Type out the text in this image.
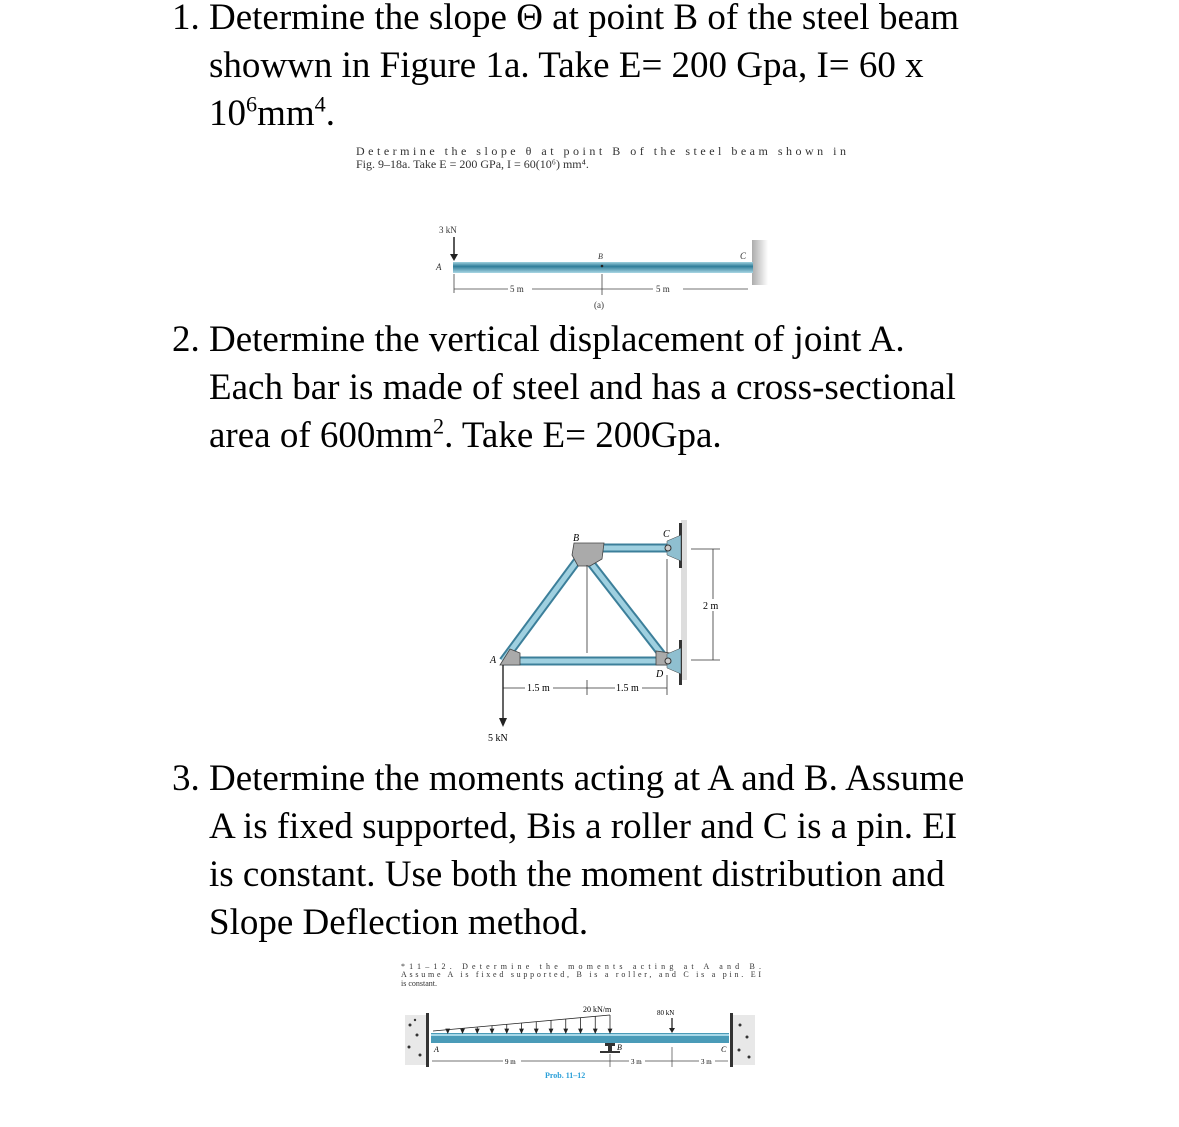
1. Determine the slope Θ at point B of the steel beam
showwn in Figure 1a. Take E= 200 Gpa, I= 60 x
$10^6mm^4$.
Determine the slope θ at point B of the steel beam shown in
Fig. 9–18a. Take E = 200 GPa, I = 60(10⁶) mm⁴.
3 kN
A
B	C
5 m	5 m
(a)
2. Determine the vertical displacement of joint A.
Each bar is made of steel and has a cross-sectional
area of $600mm^2$. Take E= 200Gpa.
B	C
A
D
2 m
1.5 m	1.5 m
5 kN
3. Determine the moments acting at A and B. Assume
A is fixed supported, Bis a roller and C is a pin. EI
is constant. Use both the moment distribution and
Slope Deflection method.
*11–12. Determine the moments acting at A and B.
Assume A is fixed supported, B is a roller, and C is a pin. EI
is constant.
20 kN/m	80 kN
A	B	C
9 m	3 m	3 m
Prob. 11–12
